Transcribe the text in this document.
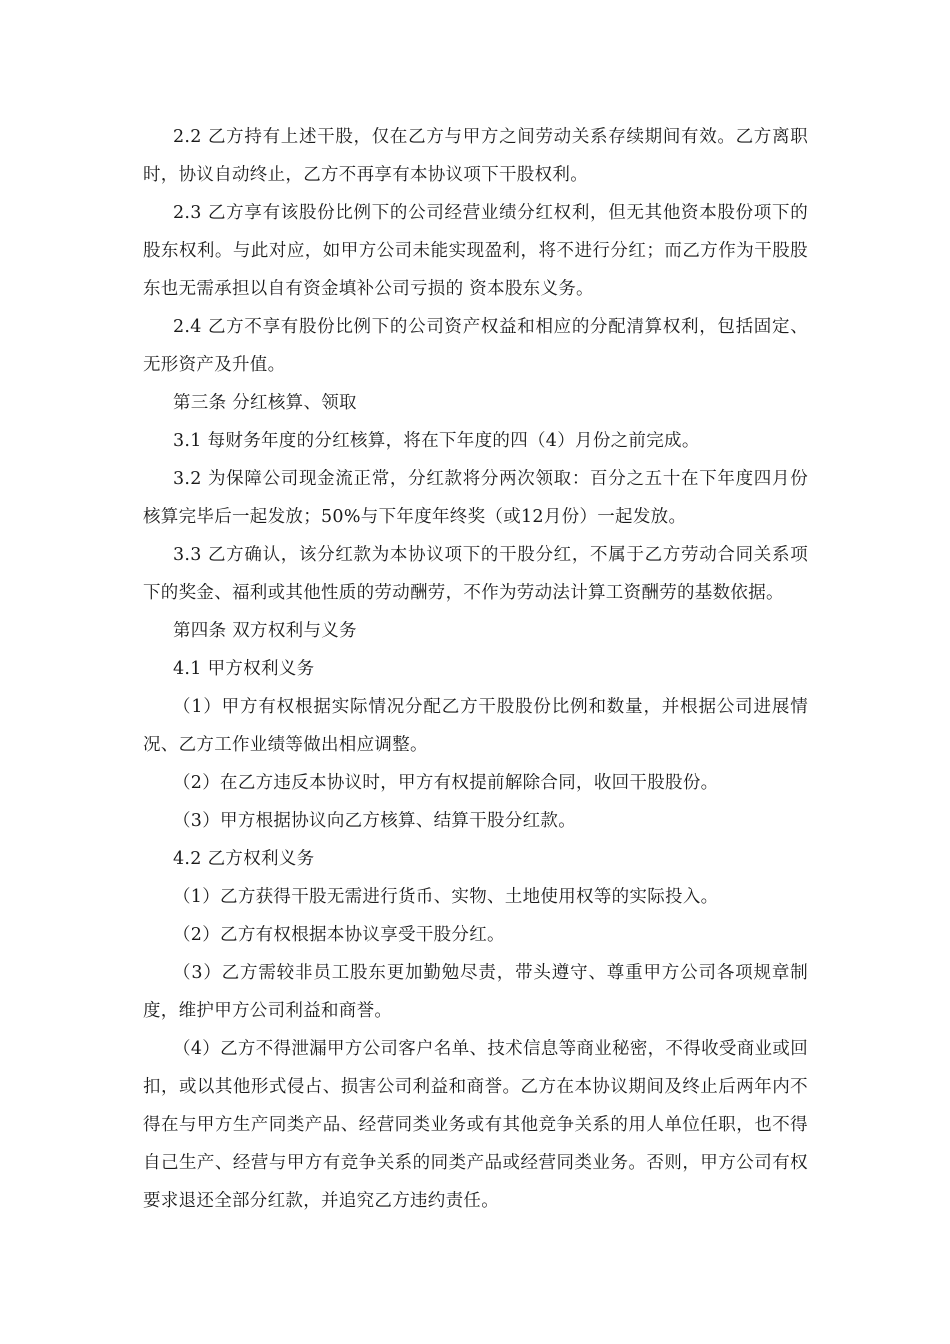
2.2 乙方持有上述干股，仅在乙方与甲方之间劳动关系存续期间有效。乙方离职时，协议自动终止，乙方不再享有本协议项下干股权利。

2.3 乙方享有该股份比例下的公司经营业绩分红权利，但无其他资本股份项下的股东权利。与此对应，如甲方公司未能实现盈利，将不进行分红；而乙方作为干股股东也无需承担以自有资金填补公司亏损的 资本股东义务。

2.4 乙方不享有股份比例下的公司资产权益和相应的分配清算权利，包括固定、无形资产及升值。

第三条 分红核算、领取

3.1 每财务年度的分红核算，将在下年度的四（4）月份之前完成。

3.2 为保障公司现金流正常，分红款将分两次领取：百分之五十在下年度四月份核算完毕后一起发放；50%与下年度年终奖（或12月份）一起发放。

3.3 乙方确认，该分红款为本协议项下的干股分红，不属于乙方劳动合同关系项下的奖金、福利或其他性质的劳动酬劳，不作为劳动法计算工资酬劳的基数依据。

第四条 双方权利与义务

4.1 甲方权利义务

（1）甲方有权根据实际情况分配乙方干股股份比例和数量，并根据公司进展情况、乙方工作业绩等做出相应调整。

（2）在乙方违反本协议时，甲方有权提前解除合同，收回干股股份。

（3）甲方根据协议向乙方核算、结算干股分红款。

4.2 乙方权利义务

（1）乙方获得干股无需进行货币、实物、土地使用权等的实际投入。

（2）乙方有权根据本协议享受干股分红。

（3）乙方需较非员工股东更加勤勉尽责，带头遵守、尊重甲方公司各项规章制度，维护甲方公司利益和商誉。

（4）乙方不得泄漏甲方公司客户名单、技术信息等商业秘密，不得收受商业或回扣，或以其他形式侵占、损害公司利益和商誉。乙方在本协议期间及终止后两年内不得在与甲方生产同类产品、经营同类业务或有其他竞争关系的用人单位任职，也不得自己生产、经营与甲方有竞争关系的同类产品或经营同类业务。否则，甲方公司有权要求退还全部分红款，并追究乙方违约责任。
